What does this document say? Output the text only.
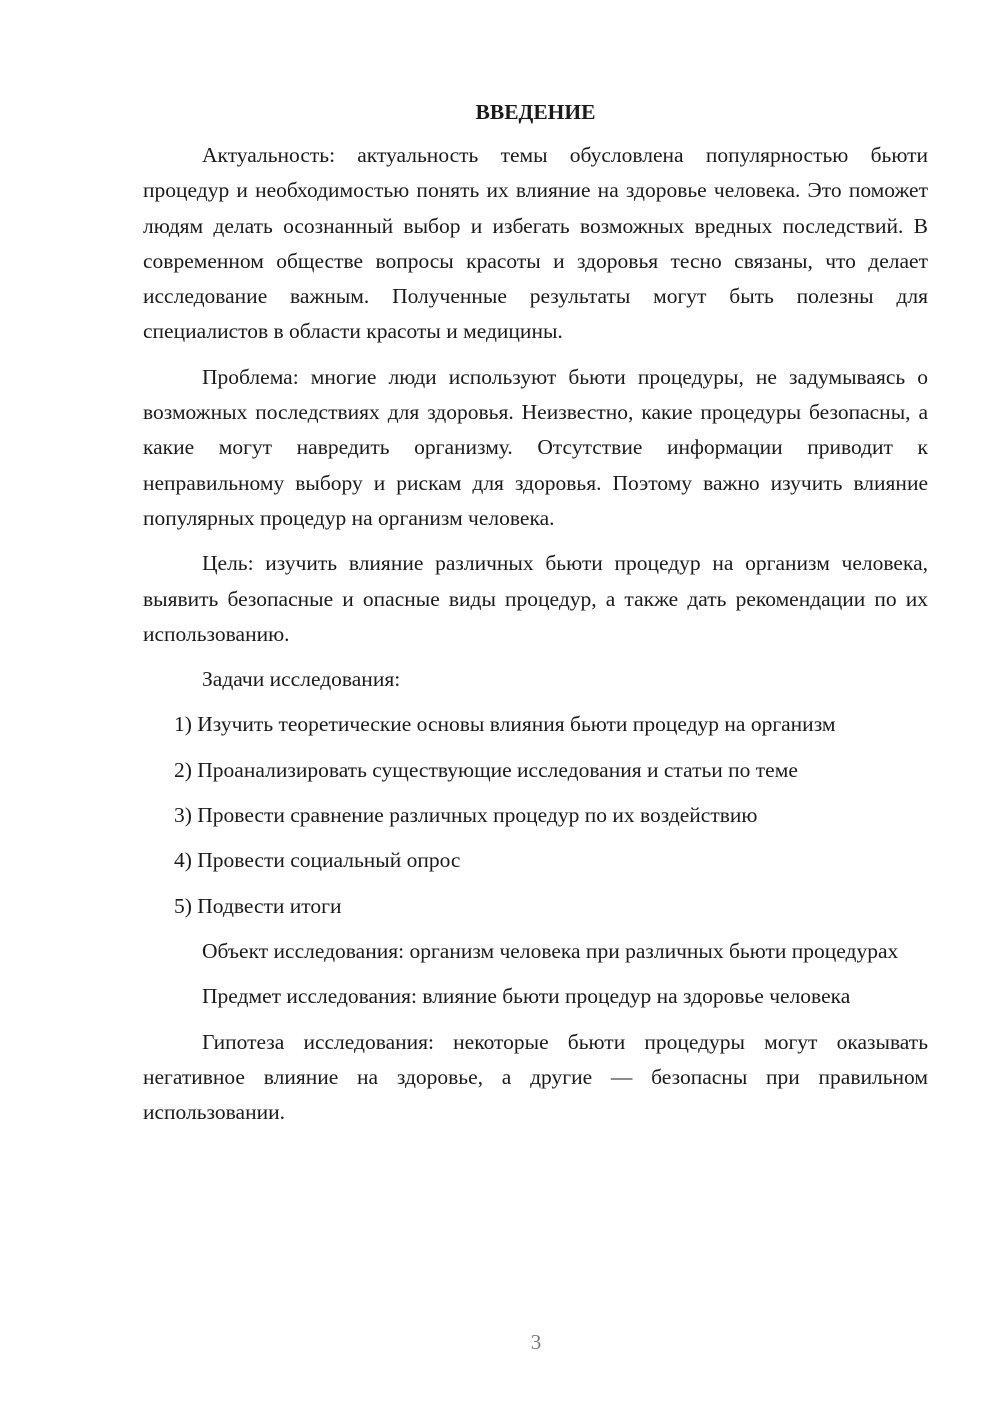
ВВЕДЕНИЕ

Актуальность: актуальность темы обусловлена популярностью бьюти процедур и необходимостью понять их влияние на здоровье человека. Это поможет людям делать осознанный выбор и избегать возможных вредных последствий. В современном обществе вопросы красоты и здоровья тесно связаны, что делает исследование важным. Полученные результаты могут быть полезны для специалистов в области красоты и медицины.

Проблема: многие люди используют бьюти процедуры, не задумываясь о возможных последствиях для здоровья. Неизвестно, какие процедуры безопасны, а какие могут навредить организму. Отсутствие информации приводит к неправильному выбору и рискам для здоровья. Поэтому важно изучить влияние популярных процедур на организм человека.

Цель: изучить влияние различных бьюти процедур на организм человека, выявить безопасные и опасные виды процедур, а также дать рекомендации по их использованию.

Задачи исследования:

1) Изучить теоретические основы влияния бьюти процедур на организм

2) Проанализировать существующие исследования и статьи по теме

3) Провести сравнение различных процедур по их воздействию

4) Провести социальный опрос

5) Подвести итоги

Объект исследования: организм человека при различных бьюти процедурах

Предмет исследования: влияние бьюти процедур на здоровье человека

Гипотеза исследования: некоторые бьюти процедуры могут оказывать негативное влияние на здоровье, а другие — безопасны при правильном использовании.

3
